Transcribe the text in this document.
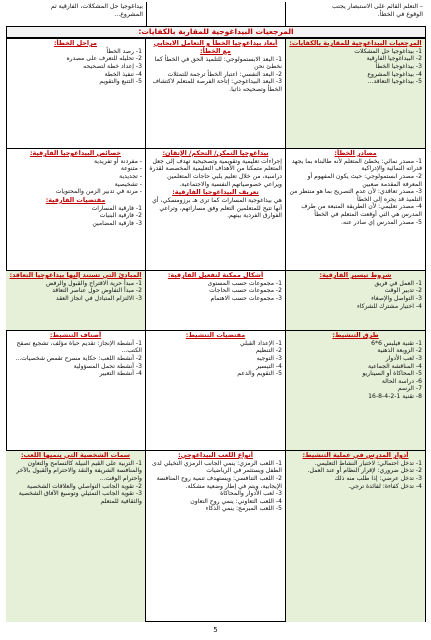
– التعلم القائم على الاستبصار يجنب
الوقوع في الخطأ.
بيداغوجيا حل المشكلات، الفارقية ثم
المشروع...
المرجعيات البيداغوجية للمقاربة بالكفايات:
المرجعيات البيداغوجية للمقاربة بالكفايات:
1- بيداغوجيا حل المشكلات
2- البيداغوجيا الفارقية
3- بيداغوجيا الخطأ
4- بيداغوجيا المشروع
5- بيداغوجيا التعاقد...
أبعاد بيداغوجيا الخطأ و التعامل الايجابي مع الخطأ:
1- البعد الابستمولوجي: للتلميذ الحق في الخطأ كما نخطئ نحن
2- البعد النفسي: اعتبار الخطأ ترجمة للتمثلات
3- البعد البيداغوجي: إتاحة الفرصة للمتعلم لاكتشاف الخطأ وتصحيحه ذاتيا.
مراحل الخطأ:
1- رصد الخطأ
2- تحليله للتعرف على مصدره
3- إعداد خطة لتصحيحه
4- تنفيذ الخطة
5- التتبع والتقويم
مصادر الخطأ:
1- مصدر نمائي: يخطئ المتعلم لأنه طالبناه بما يجهد قدراته النمائية والإدراكية
2- مصدر ابستمولوجي: حيث يكون المفهوم أو المعرفة المقدمة صعبين
3- مصدر تعاقدي: لأن عدم التصريح بما هو منتظر من التلميذ قد يجره إلى الخطأ
4- مصدر تعليمي: لأن الطريقة المتبعة من طرف المدرس هي التي أوقعت المتعلم في الخطأ
5- مصدر المدرس إي صادر عنه.
بيداغوجيا التمكن/ التحكم/ الإتقان:
إجراءات تعليمية وتقويمية وتصحيحية تهدف إلى جعل المتعلم متمكنا من الأهداف التعليمية المخصصة لقدرة دراسية، من خلال تعليم يلبي حاجات المتعلمين ويراعي خصوصياتهم النفسية والاجتماعية.
تعريف البيداغوجيا الفارقية:
هي بيداغوجية المسارات كما ترى هـ برزومسكي، أي أنها تتيح للمتعلمين التعلم وفق مساراتهم، وتراعي الفوارق الفردية بينهم.
خصائص البيداغوجيا الفارقية:
- مفردنة أو تفريدية
- متنوعة
- تجديدية
- تشخيصية
- مرنة في تدبير الزمن والمحتويات
مقتضيات الفارقية:
1- فارقية المسارات
2- فارقية البنيات
3- فارقية المضامين
شروط تيسير الفارقية:
1- العمل في فريق
2- تدبير الوقت
3- التواصل والإصغاء
4- اختيار مشترك للشركاء
أشكال ممكنة لتفعيل الفارقية:
1- مجموعات حسب المستوى
2- مجموعات حسب الحاجات
3- مجموعات حسب الاهتمام
المبادئ التي تستند إليها بيداغوجيا التعاقد:
1- مبدأ حرية الاقتراح والقبول والرفض
2- مبدأ التفاوض حول عناصر التعاقد
3- الالتزام المتبادل في انجاز العقد
طرق التنشيط:
1- تقنية فيلبس 6*6
2- الزوبعة الذهنية
3- لعب الأدوار
4- المناقشة الجماعية
5- المحاكاة أو السيناريو
6- دراسة الحالة
7- الرسم
8- تقنية 1-2-4-8-16
مقتضيات التنشيط:
1- الإعداد القبلي
2- التنظيم
3- التوجيه
4- التيسير
5- التقويم والدعم
أصناف التنشيط:
1- أنشطة الإنجاز: تقديم حياة مؤلف، تشجيع تصفح الكتب...
2- أنشطة اللعب: حكاية مسرح تقمص شخصيات...
3- أنشطة تحمل المسؤولية
4- أنشطة التعبير
أدوار المدرس في عملية التنشيط:
1- تدخل احتمالي: لاختيار النشاط التعليمي.
2- تدخل ضروري: لإقرار النظام أو عند العمل.
3- تدخل عرضي: إذا طلب منه ذلك
4- تدخل كفاءة: لفائدة ترجي.
أنواع اللعب البيداغوجي:
1- اللعب الرمزي: ينمي الجانب الرمزي التخيلي لدى الطفل ويستثمر في الرياضيات
2- اللعب التنافسي: ويستهدف تنمية روح المنافسة الإيجابية، ويتم في إطار وضعية مشكلة.
3- لعب الأدوار والمحاكاة
4- اللعب التعاوني: ينمي روح التعاون
5- اللعب المبرمج: ينمي الذكاء
سمات الشخصية التي ينميها اللعب:
1- التربية على القيم النبيلة كالتسامح والتعاون والمنافسة الشريفة والنقد والاحترام والقبول بالآخر واحترام الوقت...
2- تقوية الجانب التواصلي والعلاقات الشخصية
3- تقوية الجانب التمثيلي وتوسيع الآفاق الشخصية والثقافية للمتعلم
5
